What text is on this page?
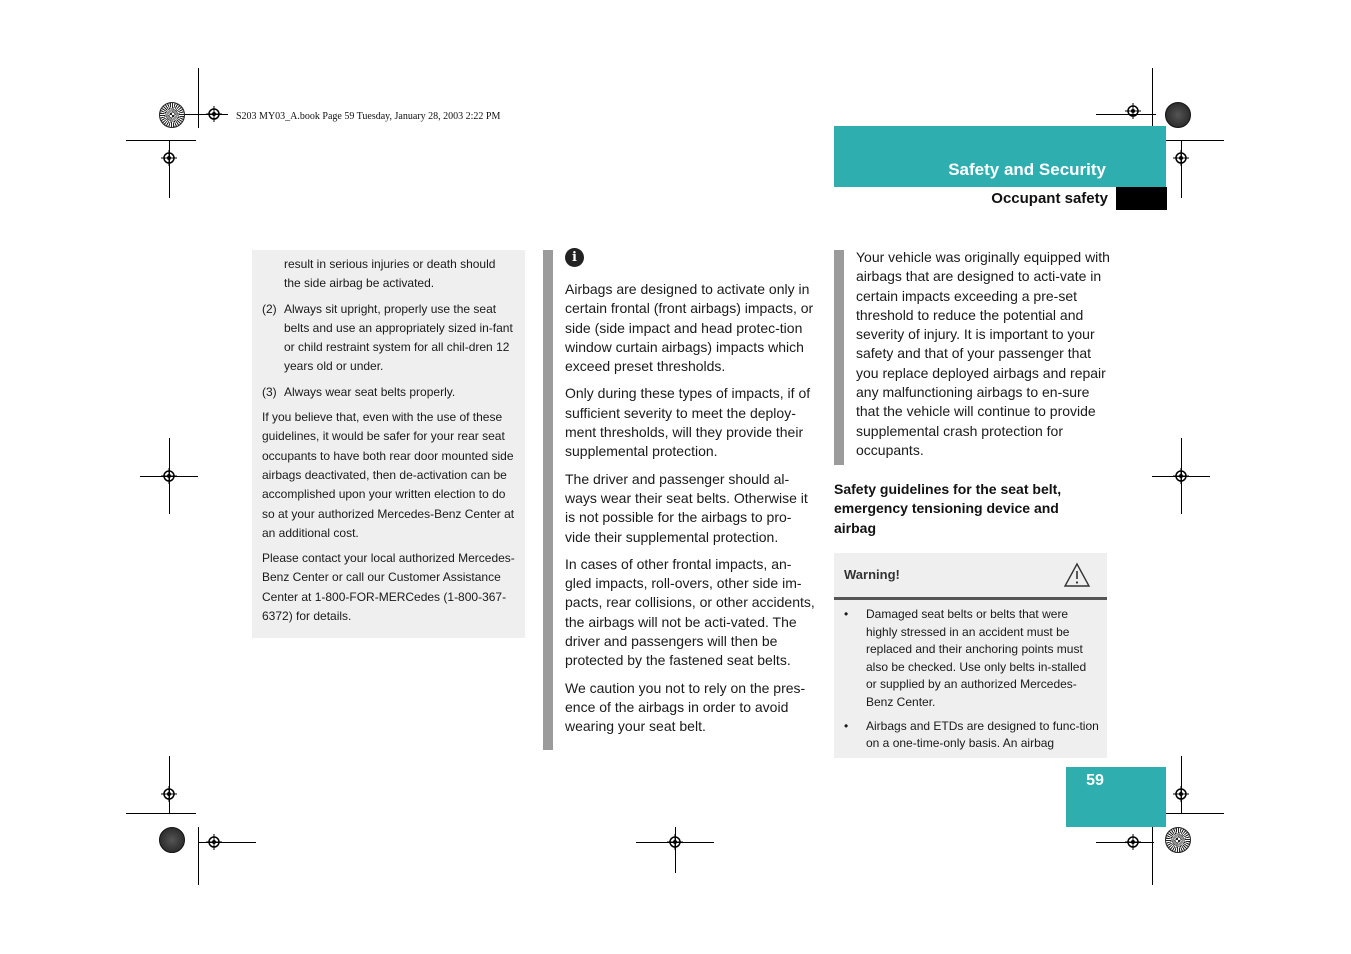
S203 MY03_A.book Page 59 Tuesday, January 28, 2003 2:22 PM
Safety and Security
Occupant safety

result in serious injuries or death should the side airbag be activated.

(2) Always sit upright, properly use the seat belts and use an appropriately sized in-fant or child restraint system for all chil-dren 12 years old or under.
(3) Always wear seat belts properly.

If you believe that, even with the use of these guidelines, it would be safer for your rear seat occupants to have both rear door mounted side airbags deactivated, then de-activation can be accomplished upon your written election to do so at your authorized Mercedes-Benz Center at an additional cost.

Please contact your local authorized Mercedes-Benz Center or call our Customer Assistance Center at 1-800-FOR-MERCedes (1-800-367-6372) for details.

i

Airbags are designed to activate only in certain frontal (front airbags) impacts, or side (side impact and head protec-tion window curtain airbags) impacts which exceed preset thresholds.

Only during these types of impacts, if of sufficient severity to meet the deploy-ment thresholds, will they provide their supplemental protection.

The driver and passenger should al-ways wear their seat belts. Otherwise it is not possible for the airbags to pro-vide their supplemental protection.

In cases of other frontal impacts, an-gled impacts, roll-overs, other side im-pacts, rear collisions, or other accidents, the airbags will not be acti-vated. The driver and passengers will then be protected by the fastened seat belts.

We caution you not to rely on the pres-ence of the airbags in order to avoid wearing your seat belt.

Your vehicle was originally equipped with airbags that are designed to acti-vate in certain impacts exceeding a pre-set threshold to reduce the potential and severity of injury. It is important to your safety and that of your passenger that you replace deployed airbags and repair any malfunctioning airbags to en-sure that the vehicle will continue to provide supplemental crash protection for occupants.

Safety guidelines for the seat belt, emergency tensioning device and airbag
Warning!
•	Damaged seat belts or belts that were highly stressed in an accident must be replaced and their anchoring points must also be checked. Use only belts in-stalled or supplied by an authorized Mercedes-Benz Center.
•	Airbags and ETDs are designed to func-tion on a one-time-only basis. An airbag
59
